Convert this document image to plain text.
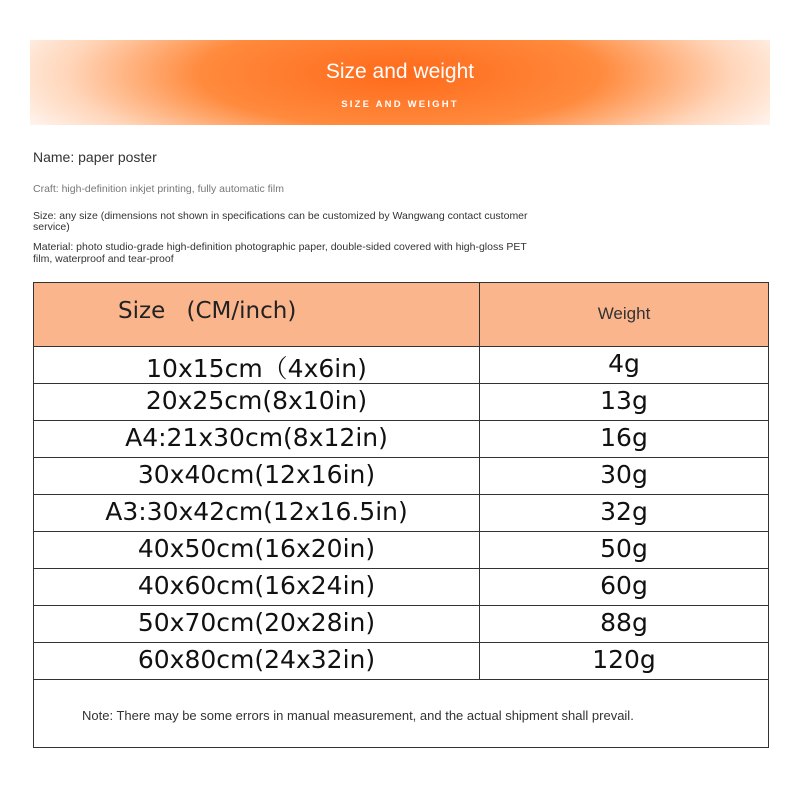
Size and weight
SIZE AND WEIGHT
Name: paper poster
Craft: high-definition inkjet printing, fully automatic film
Size: any size (dimensions not shown in specifications can be customized by Wangwang contact customer service)
Material: photo studio-grade high-definition photographic paper, double-sided covered with high-gloss PET film, waterproof and tear-proof
Size (CM/inch)	Weight
10x15cm（4x6in)	4g
20x25cm(8x10in)	13g
A4:21x30cm(8x12in)	16g
30x40cm(12x16in)	30g
A3:30x42cm(12x16.5in)	32g
40x50cm(16x20in)	50g
40x60cm(16x24in)	60g
50x70cm(20x28in)	88g
60x80cm(24x32in)	120g
Note: There may be some errors in manual measurement, and the actual shipment shall prevail.
